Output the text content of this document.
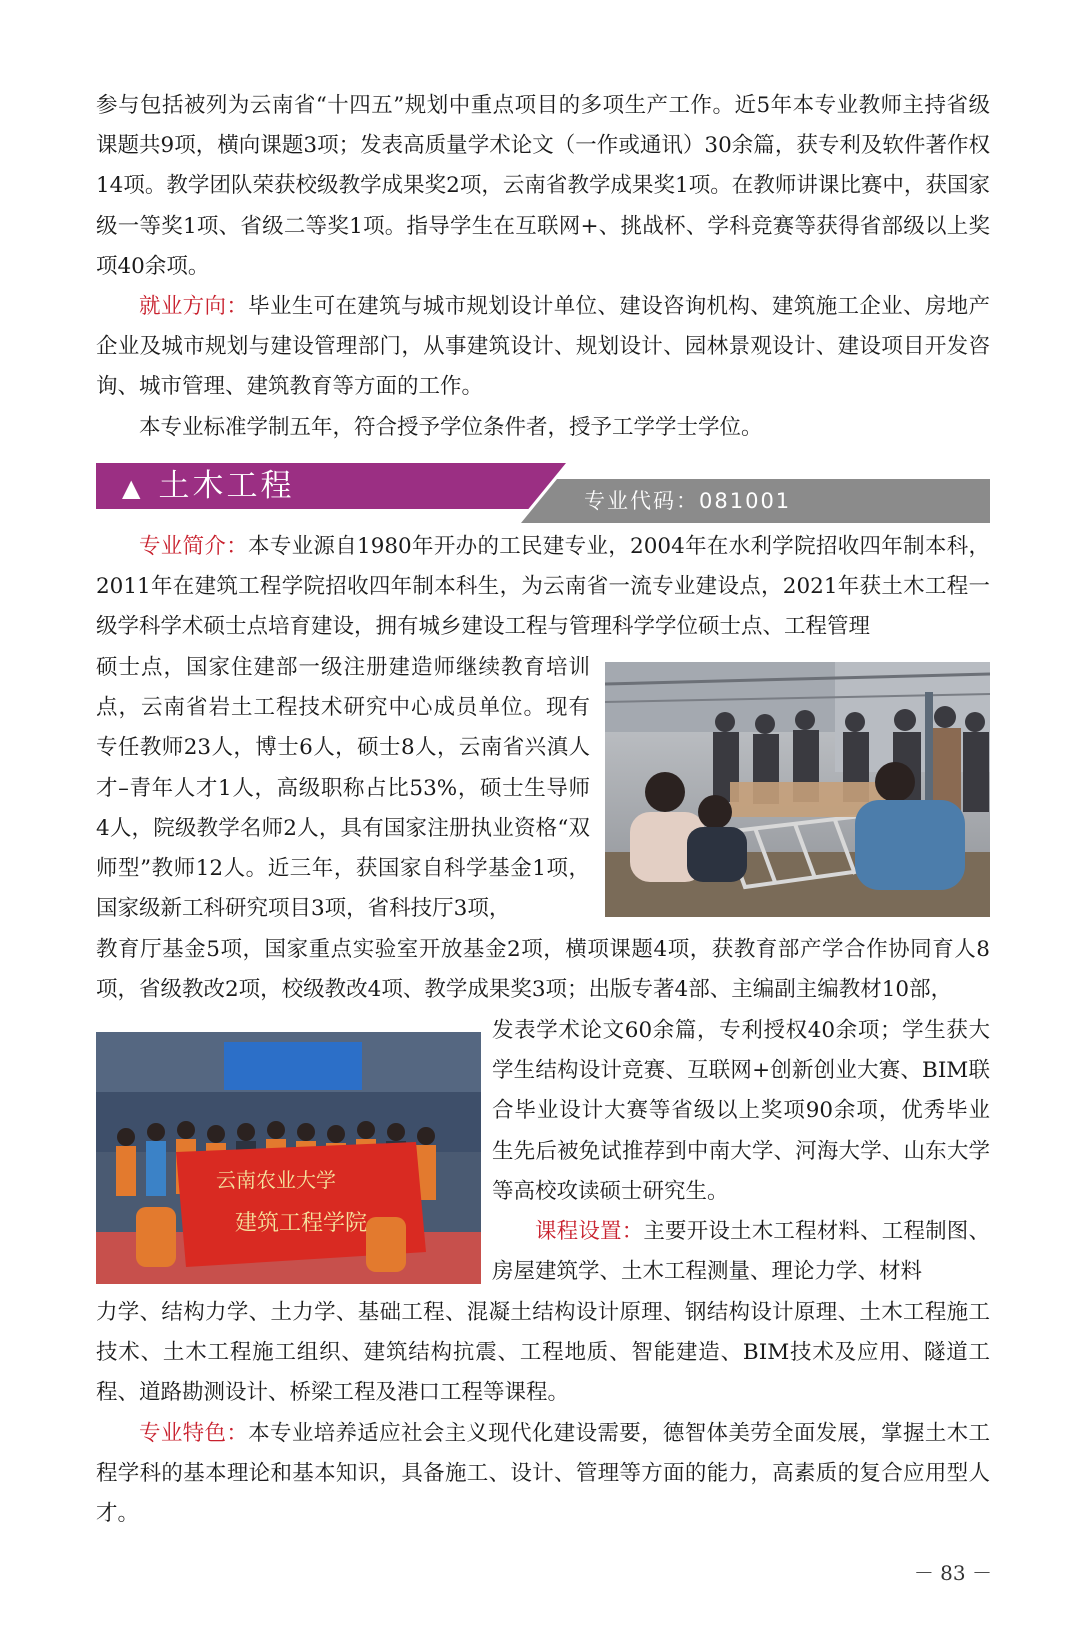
参与包括被列为云南省“十四五”规划中重点项目的多项生产工作。近5年本专业教师主持省级课题共9项，横向课题3项；发表高质量学术论文（一作或通讯）30余篇，获专利及软件著作权14项。教学团队荣获校级教学成果奖2项，云南省教学成果奖1项。在教师讲课比赛中，获国家级一等奖1项、省级二等奖1项。指导学生在互联网+、挑战杯、学科竞赛等获得省部级以上奖项40余项。

就业方向：毕业生可在建筑与城市规划设计单位、建设咨询机构、建筑施工企业、房地产企业及城市规划与建设管理部门，从事建筑设计、规划设计、园林景观设计、建设项目开发咨询、城市管理、建筑教育等方面的工作。

本专业标准学制五年，符合授予学位条件者，授予工学学士学位。

▲ 土木工程	专业代码：081001

专业简介：本专业源自1980年开办的工民建专业，2004年在水利学院招收四年制本科，2011年在建筑工程学院招收四年制本科生，为云南省一流专业建设点，2021年获土木工程一级学科学术硕士点培育建设，拥有城乡建设工程与管理科学学位硕士点、工程管理

硕士点，国家住建部一级注册建造师继续教育培训点，云南省岩土工程技术研究中心成员单位。现有专任教师23人，博士6人，硕士8人，云南省兴滇人才–青年人才1人，高级职称占比53%，硕士生导师4人，院级教学名师2人，具有国家注册执业资格“双师型”教师12人。近三年，获国家自科学基金1项，国家级新工科研究项目3项，省科技厅3项，

教育厅基金5项，国家重点实验室开放基金2项，横项课题4项，获教育部产学合作协同育人8项，省级教改2项，校级教改4项、教学成果奖3项；出版专著4部、主编副主编教材10部，

云南农业大学
建筑工程学院

发表学术论文60余篇，专利授权40余项；学生获大学生结构设计竞赛、互联网+创新创业大赛、BIM联合毕业设计大赛等省级以上奖项90余项，优秀毕业生先后被免试推荐到中南大学、河海大学、山东大学等高校攻读硕士研究生。

课程设置：主要开设土木工程材料、工程制图、房屋建筑学、土木工程测量、理论力学、材料

力学、结构力学、土力学、基础工程、混凝土结构设计原理、钢结构设计原理、土木工程施工技术、土木工程施工组织、建筑结构抗震、工程地质、智能建造、BIM技术及应用、隧道工程、道路勘测设计、桥梁工程及港口工程等课程。

专业特色：本专业培养适应社会主义现代化建设需要，德智体美劳全面发展，掌握土木工程学科的基本理论和基本知识，具备施工、设计、管理等方面的能力，高素质的复合应用型人才。

－ 83 －
